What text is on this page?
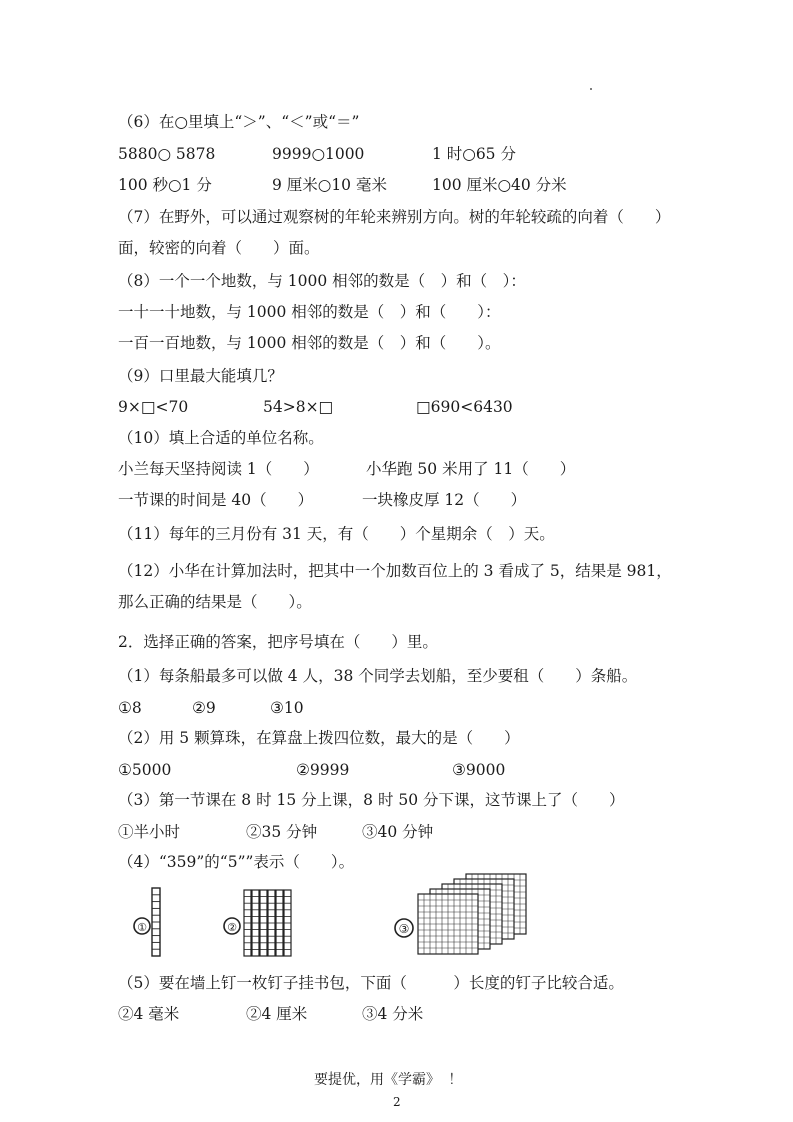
（6）在○里填上“＞”、“＜”或“＝”
5880○ 5878	9999○1000	1 时○65 分
100 秒○1 分	9 厘米○10 毫米	100 厘米○40 分米
（7）在野外，可以通过观察树的年轮来辨别方向。树的年轮较疏的向着（　　）
面，较密的向着（　　）面。
（8）一个一个地数，与 1000 相邻的数是（　）和（　）：
一十一十地数，与 1000 相邻的数是（　）和（　　）：
一百一百地数，与 1000 相邻的数是（　）和（　　）。
（9）口里最大能填几？
9×□<70	54>8×□	□690<6430
（10）填上合适的单位名称。
小兰每天坚持阅读 1（　　）	小华跑 50 米用了 11（　　）
一节课的时间是 40（　　）	一块橡皮厚 12（　　）
（11）每年的三月份有 31 天，有（　　）个星期余（　）天。
（12）小华在计算加法时，把其中一个加数百位上的 3 看成了 5，结果是 981，
那么正确的结果是（　　）。
2．选择正确的答案，把序号填在（　　）里。
（1）每条船最多可以做 4 人，38 个同学去划船，至少要租（　　）条船。
①8	②9	③10
（2）用 5 颗算珠，在算盘上拨四位数，最大的是（　　）
①5000	②9999	③9000
（3）第一节课在 8 时 15 分上课，8 时 50 分下课，这节课上了（　　）
①半小时	②35 分钟	③40 分钟
（4）“359”的“5””表示（　　）。
①	②	③
（5）要在墙上钉一枚钉子挂书包，下面（　　　）长度的钉子比较合适。
②4 毫米	②4 厘米	③4 分米
要提优，用《学霸》 ！
2
